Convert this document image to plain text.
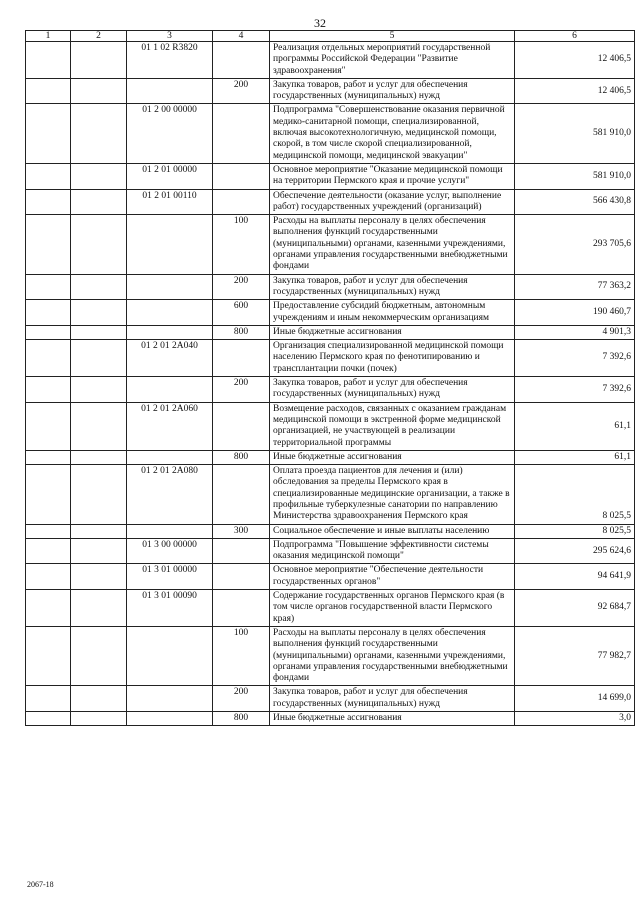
32
1	2	3	4	5	6
		01 1 02 R3820		Реализация отдельных мероприятий государственной программы Российской Федерации "Развитие здравоохранения"	12 406,5
			200	Закупка товаров, работ и услуг для обеспечения государственных (муниципальных) нужд	12 406,5
		01 2 00 00000		Подпрограмма "Совершенствование оказания первичной медико-санитарной помощи, специализированной, включая высокотехнологичную, медицинской помощи, скорой, в том числе скорой специализированной, медицинской помощи, медицинской эвакуации"	581 910,0
		01 2 01 00000		Основное мероприятие "Оказание медицинской помощи на территории Пермского края и прочие услуги"	581 910,0
		01 2 01 00110		Обеспечение деятельности (оказание услуг, выполнение работ) государственных учреждений (организаций)	566 430,8
			100	Расходы на выплаты персоналу в целях обеспечения выполнения функций государственными (муниципальными) органами, казенными учреждениями, органами управления государственными внебюджетными фондами	293 705,6
			200	Закупка товаров, работ и услуг для обеспечения государственных (муниципальных) нужд	77 363,2
			600	Предоставление субсидий бюджетным, автономным учреждениям и иным некоммерческим организациям	190 460,7
			800	Иные бюджетные ассигнования	4 901,3
		01 2 01 2А040		Организация специализированной медицинской помощи населению Пермского края по фенотипированию и трансплантации почки (почек)	7 392,6
			200	Закупка товаров, работ и услуг для обеспечения государственных (муниципальных) нужд	7 392,6
		01 2 01 2А060		Возмещение расходов, связанных с оказанием гражданам медицинской помощи в экстренной форме медицинской организацией, не участвующей в реализации территориальной программы	61,1
			800	Иные бюджетные ассигнования	61,1
		01 2 01 2А080		Оплата проезда пациентов для лечения и (или) обследования за пределы Пермского края в специализированные медицинские организации, а также в профильные туберкулезные санатории по направлению Министерства здравоохранения Пермского края	8 025,5
			300	Социальное обеспечение и иные выплаты населению	8 025,5
		01 3 00 00000		Подпрограмма "Повышение эффективности системы оказания медицинской помощи"	295 624,6
		01 3 01 00000		Основное мероприятие "Обеспечение деятельности государственных органов"	94 641,9
		01 3 01 00090		Содержание государственных органов Пермского края (в том числе органов государственной власти Пермского края)	92 684,7
			100	Расходы на выплаты персоналу в целях обеспечения выполнения функций государственными (муниципальными) органами, казенными учреждениями, органами управления государственными внебюджетными фондами	77 982,7
			200	Закупка товаров, работ и услуг для обеспечения государственных (муниципальных) нужд	14 699,0
			800	Иные бюджетные ассигнования	3,0
2067-18
